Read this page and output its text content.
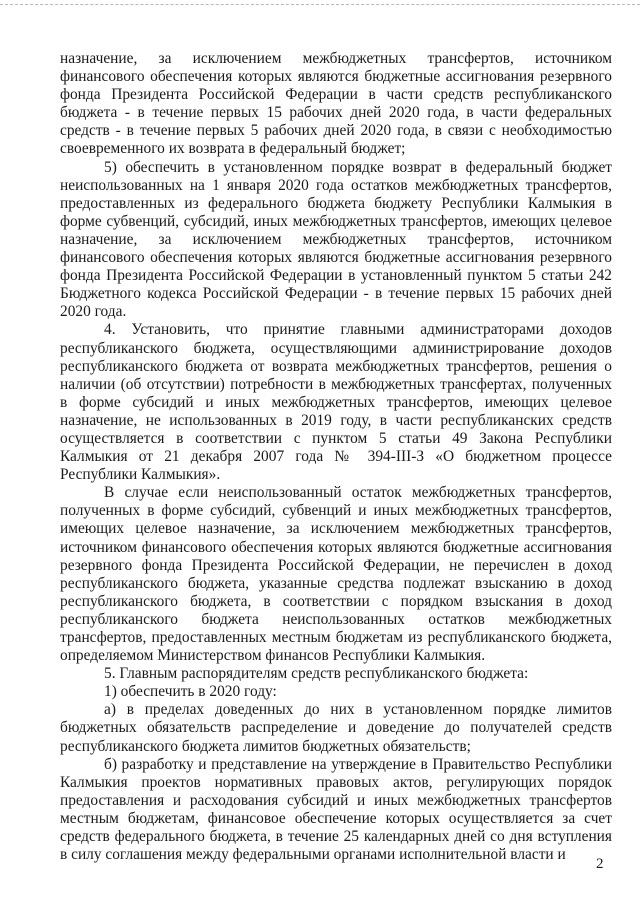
назначение, за исключением межбюджетных трансфертов, источником финансового обеспечения которых являются бюджетные ассигнования резервного фонда Президента Российской Федерации в части средств республиканского бюджета - в течение первых 15 рабочих дней 2020 года, в части федеральных средств - в течение первых 5 рабочих дней 2020 года, в связи с необходимостью своевременного их возврата в федеральный бюджет;

5) обеспечить в установленном порядке возврат в федеральный бюджет неиспользованных на 1 января 2020 года остатков межбюджетных трансфертов, предоставленных из федерального бюджета бюджету Республики Калмыкия в форме субвенций, субсидий, иных межбюджетных трансфертов, имеющих целевое назначение, за исключением межбюджетных трансфертов, источником финансового обеспечения которых являются бюджетные ассигнования резервного фонда Президента Российской Федерации в установленный пунктом 5 статьи 242 Бюджетного кодекса Российской Федерации - в течение первых 15 рабочих дней 2020 года.

4. Установить, что принятие главными администраторами доходов республиканского бюджета, осуществляющими администрирование доходов республиканского бюджета от возврата межбюджетных трансфертов, решения о наличии (об отсутствии) потребности в межбюджетных трансфертах, полученных в форме субсидий и иных межбюджетных трансфертов, имеющих целевое назначение, не использованных в 2019 году, в части республиканских средств осуществляется в соответствии с пунктом 5 статьи 49 Закона Республики Калмыкия от 21 декабря 2007 года № 394-III-З «О бюджетном процессе Республики Калмыкия».

В случае если неиспользованный остаток межбюджетных трансфертов, полученных в форме субсидий, субвенций и иных межбюджетных трансфертов, имеющих целевое назначение, за исключением межбюджетных трансфертов, источником финансового обеспечения которых являются бюджетные ассигнования резервного фонда Президента Российской Федерации, не перечислен в доход республиканского бюджета, указанные средства подлежат взысканию в доход республиканского бюджета, в соответствии с порядком взыскания в доход республиканского бюджета неиспользованных остатков межбюджетных трансфертов, предоставленных местным бюджетам из республиканского бюджета, определяемом Министерством финансов Республики Калмыкия.

5. Главным распорядителям средств республиканского бюджета:

1) обеспечить в 2020 году:

а) в пределах доведенных до них в установленном порядке лимитов бюджетных обязательств распределение и доведение до получателей средств республиканского бюджета лимитов бюджетных обязательств;

б) разработку и представление на утверждение в Правительство Республики Калмыкия проектов нормативных правовых актов, регулирующих порядок предоставления и расходования субсидий и иных межбюджетных трансфертов местным бюджетам, финансовое обеспечение которых осуществляется за счет средств федерального бюджета, в течение 25 календарных дней со дня вступления в силу соглашения между федеральными органами исполнительной власти и

2
